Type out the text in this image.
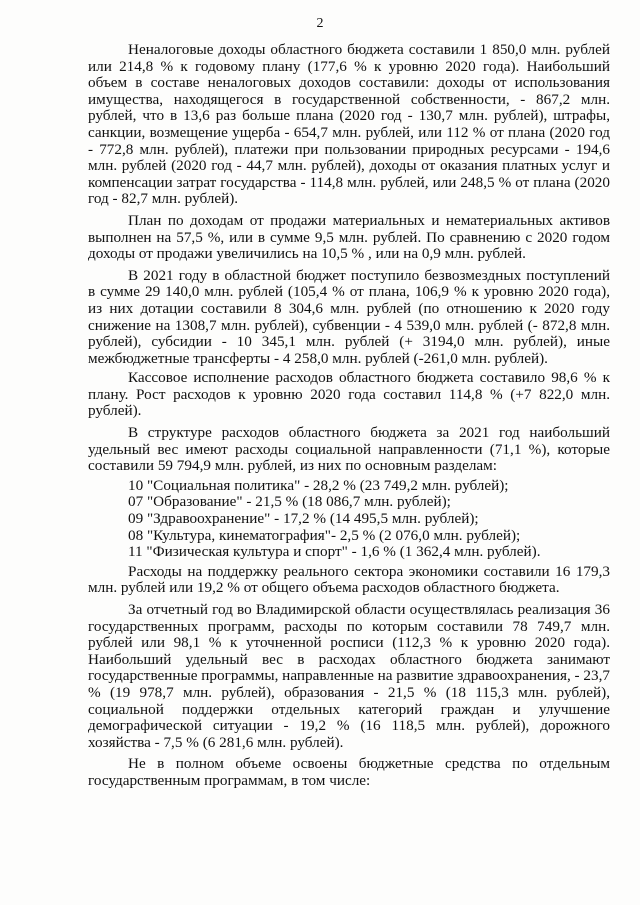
2

Неналоговые доходы областного бюджета составили 1 850,0 млн. рублей или 214,8 % к годовому плану (177,6 % к уровню 2020 года). Наибольший объем в составе неналоговых доходов составили: доходы от использования имущества, находящегося в государственной собственности, - 867,2 млн. рублей, что в 13,6 раз больше плана (2020 год - 130,7 млн. рублей), штрафы, санкции, возмещение ущерба - 654,7 млн. рублей, или 112 % от плана (2020 год - 772,8 млн. рублей), платежи при пользовании природных ресурсами - 194,6 млн. рублей (2020 год - 44,7 млн. рублей), доходы от оказания платных услуг и компенсации затрат государства - 114,8 млн. рублей, или 248,5 % от плана (2020 год - 82,7 млн. рублей).

План по доходам от продажи материальных и нематериальных активов выполнен на 57,5 %, или в сумме 9,5 млн. рублей. По сравнению с 2020 годом доходы от продажи увеличились на 10,5 % , или на 0,9 млн. рублей.

В 2021 году в областной бюджет поступило безвозмездных поступлений в сумме 29 140,0 млн. рублей (105,4 % от плана, 106,9 % к уровню 2020 года), из них дотации составили 8 304,6 млн. рублей (по отношению к 2020 году снижение на 1308,7 млн. рублей), субвенции - 4 539,0 млн. рублей (- 872,8 млн. рублей), субсидии - 10 345,1 млн. рублей (+ 3194,0 млн. рублей), иные межбюджетные трансферты - 4 258,0 млн. рублей (-261,0 млн. рублей).

Кассовое исполнение расходов областного бюджета составило 98,6 % к плану. Рост расходов к уровню 2020 года составил 114,8 % (+7 822,0 млн. рублей).

В структуре расходов областного бюджета за 2021 год наибольший удельный вес имеют расходы социальной направленности (71,1 %), которые составили 59 794,9 млн. рублей, из них по основным разделам:

10 "Социальная политика" - 28,2 % (23 749,2 млн. рублей);
07 "Образование" - 21,5 % (18 086,7 млн. рублей);
09 "Здравоохранение" - 17,2 % (14 495,5 млн. рублей);
08 "Культура, кинематография"- 2,5 % (2 076,0 млн. рублей);
11 "Физическая культура и спорт" - 1,6 % (1 362,4 млн. рублей).

Расходы на поддержку реального сектора экономики составили 16 179,3 млн. рублей или 19,2 % от общего объема расходов областного бюджета.

За отчетный год во Владимирской области осуществлялась реализация 36 государственных программ, расходы по которым составили 78 749,7 млн. рублей или 98,1 % к уточненной росписи (112,3 % к уровню 2020 года). Наибольший удельный вес в расходах областного бюджета занимают государственные программы, направленные на развитие здравоохранения, - 23,7 % (19 978,7 млн. рублей), образования - 21,5 % (18 115,3 млн. рублей), социальной поддержки отдельных категорий граждан и улучшение демографической ситуации - 19,2 % (16 118,5 млн. рублей), дорожного хозяйства - 7,5 % (6 281,6 млн. рублей).

Не в полном объеме освоены бюджетные средства по отдельным государственным программам, в том числе:
